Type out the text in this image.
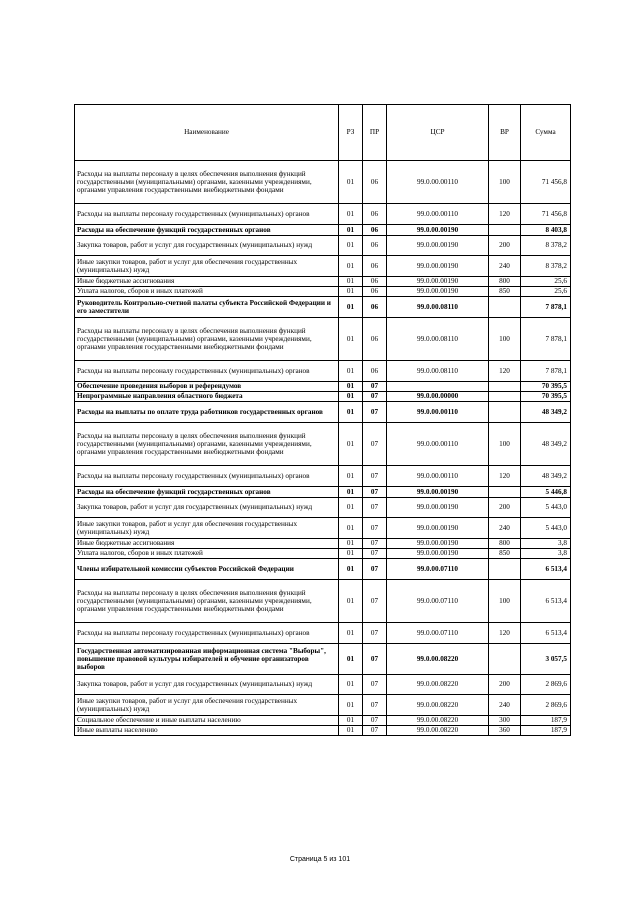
Наименование	РЗ	ПР	ЦСР	ВР	Сумма
Расходы на выплаты персоналу в целях обеспечения выполнения функций государственными (муниципальными) органами, казенными учреждениями, органами управления государственными внебюджетными фондами	01	06	99.0.00.00110	100	71 456,8
Расходы на выплаты персоналу государственных (муниципальных) органов	01	06	99.0.00.00110	120	71 456,8
Расходы на обеспечение функций государственных органов	01	06	99.0.00.00190		8 403,8
Закупка товаров, работ и услуг для государственных (муниципальных) нужд	01	06	99.0.00.00190	200	8 378,2
Иные закупки товаров, работ и услуг для обеспечения государственных (муниципальных) нужд	01	06	99.0.00.00190	240	8 378,2
Иные бюджетные ассигнования	01	06	99.0.00.00190	800	25,6
Уплата налогов, сборов и иных платежей	01	06	99.0.00.00190	850	25,6
Руководитель Контрольно-счетной палаты субъекта Российской Федерации и его заместители	01	06	99.0.00.08110		7 878,1
Расходы на выплаты персоналу в целях обеспечения выполнения функций государственными (муниципальными) органами, казенными учреждениями, органами управления государственными внебюджетными фондами	01	06	99.0.00.08110	100	7 878,1
Расходы на выплаты персоналу государственных (муниципальных) органов	01	06	99.0.00.08110	120	7 878,1
Обеспечение проведения выборов и референдумов	01	07			70 395,5
Непрограммные направления областного бюджета	01	07	99.0.00.00000		70 395,5
Расходы на выплаты по оплате труда работников государственных органов	01	07	99.0.00.00110		48 349,2
Расходы на выплаты персоналу в целях обеспечения выполнения функций государственными (муниципальными) органами, казенными учреждениями, органами управления государственными внебюджетными фондами	01	07	99.0.00.00110	100	48 349,2
Расходы на выплаты персоналу государственных (муниципальных) органов	01	07	99.0.00.00110	120	48 349,2
Расходы на обеспечение функций государственных органов	01	07	99.0.00.00190		5 446,8
Закупка товаров, работ и услуг для государственных (муниципальных) нужд	01	07	99.0.00.00190	200	5 443,0
Иные закупки товаров, работ и услуг для обеспечения государственных (муниципальных) нужд	01	07	99.0.00.00190	240	5 443,0
Иные бюджетные ассигнования	01	07	99.0.00.00190	800	3,8
Уплата налогов, сборов и иных платежей	01	07	99.0.00.00190	850	3,8
Члены избирательной комиссии субъектов Российской Федерации	01	07	99.0.00.07110		6 513,4
Расходы на выплаты персоналу в целях обеспечения выполнения функций государственными (муниципальными) органами, казенными учреждениями, органами управления государственными внебюджетными фондами	01	07	99.0.00.07110	100	6 513,4
Расходы на выплаты персоналу государственных (муниципальных) органов	01	07	99.0.00.07110	120	6 513,4
Государственная автоматизированная информационная система "Выборы", повышение правовой культуры избирателей и обучение организаторов выборов	01	07	99.0.00.08220		3 057,5
Закупка товаров, работ и услуг для государственных (муниципальных) нужд	01	07	99.0.00.08220	200	2 869,6
Иные закупки товаров, работ и услуг для обеспечения государственных (муниципальных) нужд	01	07	99.0.00.08220	240	2 869,6
Социальное обеспечение и иные выплаты населению	01	07	99.0.00.08220	300	187,9
Иные выплаты населению	01	07	99.0.00.08220	360	187,9
Страница 5 из 101
